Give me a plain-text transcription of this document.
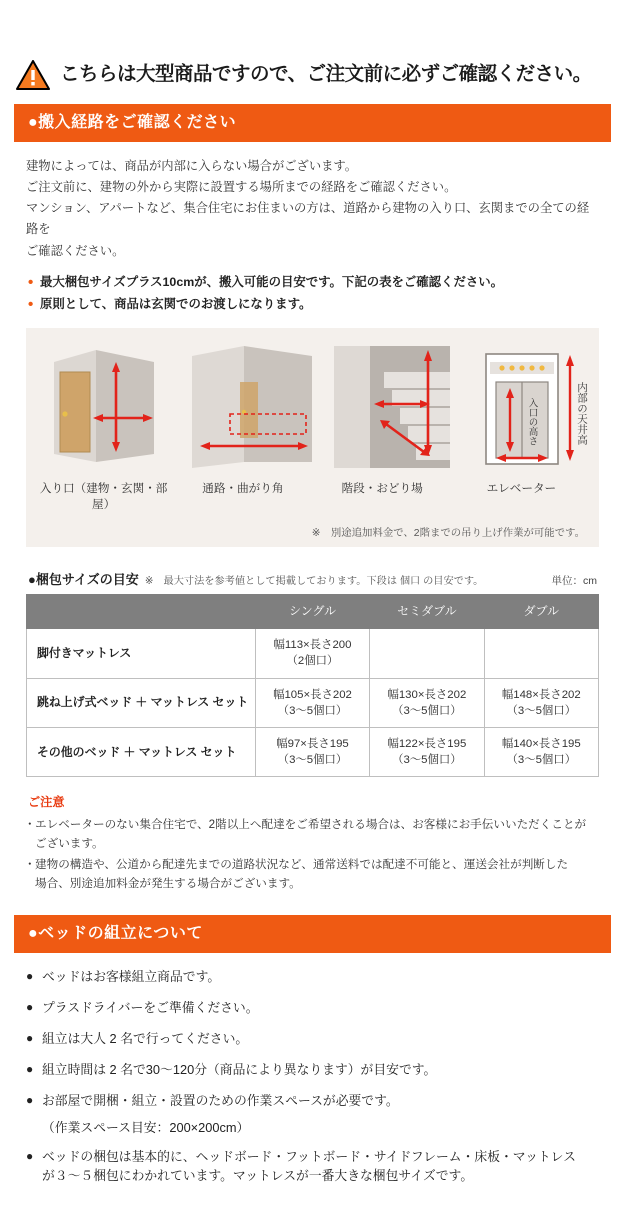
こちらは大型商品ですので、ご注文前に必ずご確認ください。
●搬入経路をご確認ください

建物によっては、商品が内部に入らない場合がございます。

ご注文前に、建物の外から実際に設置する場所までの経路をご確認ください。

マンション、アパートなど、集合住宅にお住まいの方は、道路から建物の入り口、玄関までの全ての経路を

ご確認ください。

• 最大梱包サイズプラス10cmが、搬入可能の目安です。下記の表をご確認ください。
• 原則として、商品は玄関でのお渡しになります。
内部の天井高
入口の高さ
入り口（建物・玄関・部屋）
通路・曲がり角	階段・おどり場	エレベーター
※　別途追加料金で、2階までの吊り上げ作業が可能です。
●梱包サイズの目安 ※　最大寸法を参考値として掲載しております。下段は 個口 の目安です。	単位：cm
	シングル	セミダブル	ダブル
脚付きマットレス	幅113×長さ200
（2個口）		

跳ね上げ式ベッド ＋ マットレス セット	幅105×長さ202
（3〜5個口）	幅130×長さ202
（3〜5個口）	幅148×長さ202
（3〜5個口）

その他のベッド ＋ マットレス セット	幅97×長さ195
（3〜5個口）	幅122×長さ195
（3〜5個口）	幅140×長さ195
（3〜5個口）
ご注意
・ エレベーターのない集合住宅で、2階以上へ配達をご希望される場合は、お客様にお手伝いいただくことが
ございます。
・ 建物の構造や、公道から配達先までの道路状況など、通常送料では配達不可能と、運送会社が判断した
場合、別途追加料金が発生する場合がございます。
●ベッドの組立について
● ベッドはお客様組立商品です。
● プラスドライバーをご準備ください。
● 組立は大人 2 名で行ってください。
● 組立時間は 2 名で30〜120分（商品により異なります）が目安です。
● お部屋で開梱・組立・設置のための作業スペースが必要です。
（作業スペース目安：200×200cm）
● ベッドの梱包は基本的に、ヘッドボード・フットボード・サイドフレーム・床板・マットレス
が３〜５梱包にわかれています。マットレスが一番大きな梱包サイズです。
